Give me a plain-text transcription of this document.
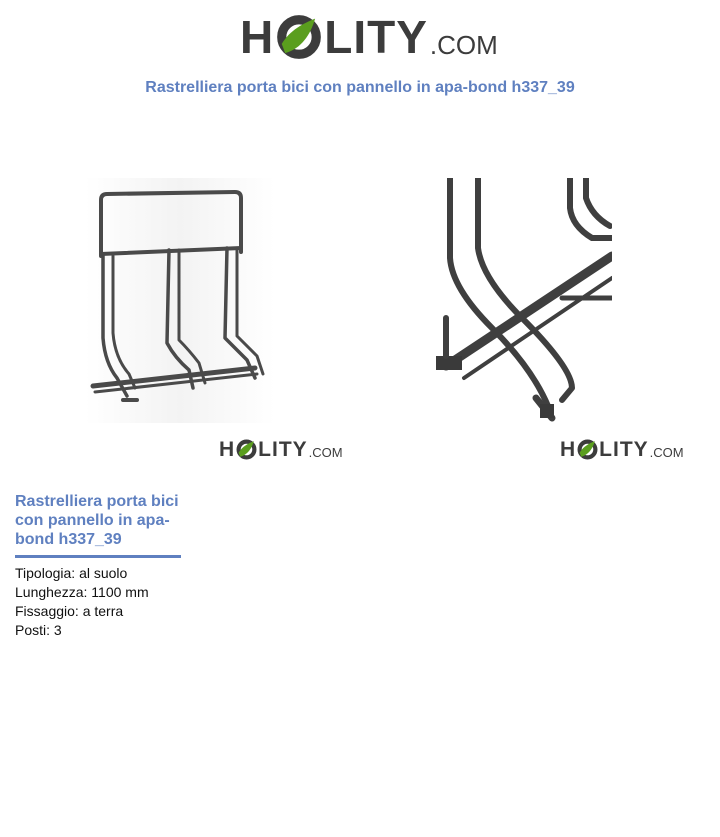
H LITY .COM
Rastrelliera porta bici con pannello in apa-bond h337_39
H LITY .COM	H LITY .COM
Rastrelliera porta bici con pannello in apa-bond h337_39
Tipologia: al suolo
Lunghezza: 1100 mm
Fissaggio: a terra
Posti: 3
